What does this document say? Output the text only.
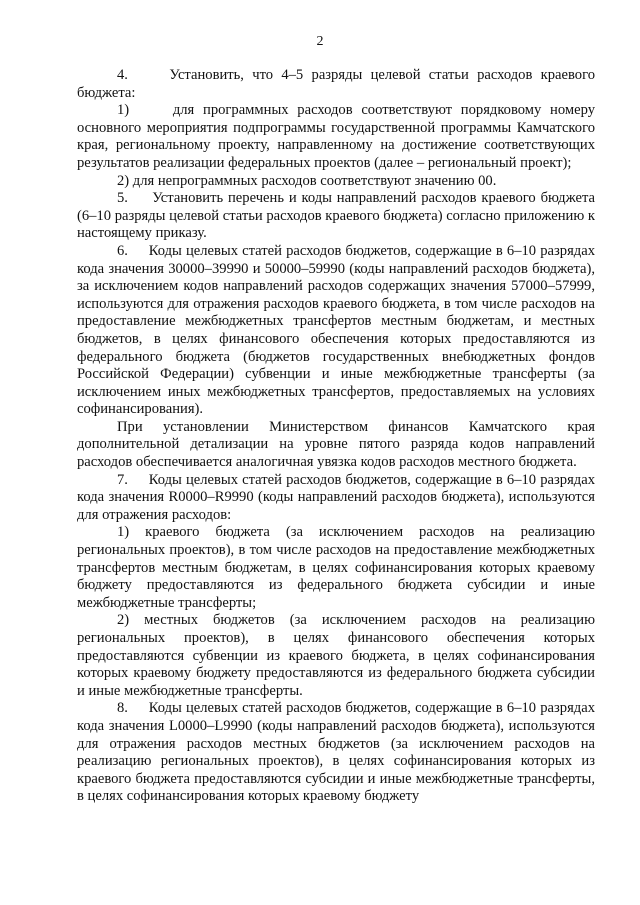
2

4.     Установить, что 4–5 разряды целевой статьи расходов краевого бюджета:

1)     для программных расходов соответствуют порядковому номеру основного мероприятия подпрограммы государственной программы Камчатского края, региональному проекту, направленному на достижение соответствующих результатов реализации федеральных проектов (далее – региональный проект);

2) для непрограммных расходов соответствуют значению 00.

5.     Установить перечень и коды направлений расходов краевого бюджета (6–10 разряды целевой статьи расходов краевого бюджета) согласно приложению к настоящему приказу.

6.     Коды целевых статей расходов бюджетов, содержащие в 6–10 разрядах кода значения 30000–39990 и 50000–59990 (коды направлений расходов бюджета), за исключением кодов направлений расходов содержащих значения 57000–57999, используются для отражения расходов краевого бюджета, в том числе расходов на предоставление межбюджетных трансфертов местным бюджетам, и местных бюджетов, в целях финансового обеспечения которых предоставляются из федерального бюджета (бюджетов государственных внебюджетных фондов Российской Федерации) субвенции и иные межбюджетные трансферты (за исключением иных межбюджетных трансфертов, предоставляемых на условиях софинансирования).

При установлении Министерством финансов Камчатского края дополнительной детализации на уровне пятого разряда кодов направлений расходов обеспечивается аналогичная увязка кодов расходов местного бюджета.

7.     Коды целевых статей расходов бюджетов, содержащие в 6–10 разрядах кода значения R0000–R9990 (коды направлений расходов бюджета), используются для отражения расходов:

1) краевого бюджета (за исключением расходов на реализацию региональных проектов), в том числе расходов на предоставление межбюджетных трансфертов местным бюджетам, в целях софинансирования которых краевому бюджету предоставляются из федерального бюджета субсидии и иные межбюджетные трансферты;

2) местных бюджетов (за исключением расходов на реализацию региональных проектов), в целях финансового обеспечения которых предоставляются субвенции из краевого бюджета, в целях софинансирования которых краевому бюджету предоставляются из федерального бюджета субсидии и иные межбюджетные трансферты.

8.     Коды целевых статей расходов бюджетов, содержащие в 6–10 разрядах кода значения L0000–L9990 (коды направлений расходов бюджета), используются для отражения расходов местных бюджетов (за исключением расходов на реализацию региональных проектов), в целях софинансирования которых из краевого бюджета предоставляются субсидии и иные межбюджетные трансферты, в целях софинансирования которых краевому бюджету
